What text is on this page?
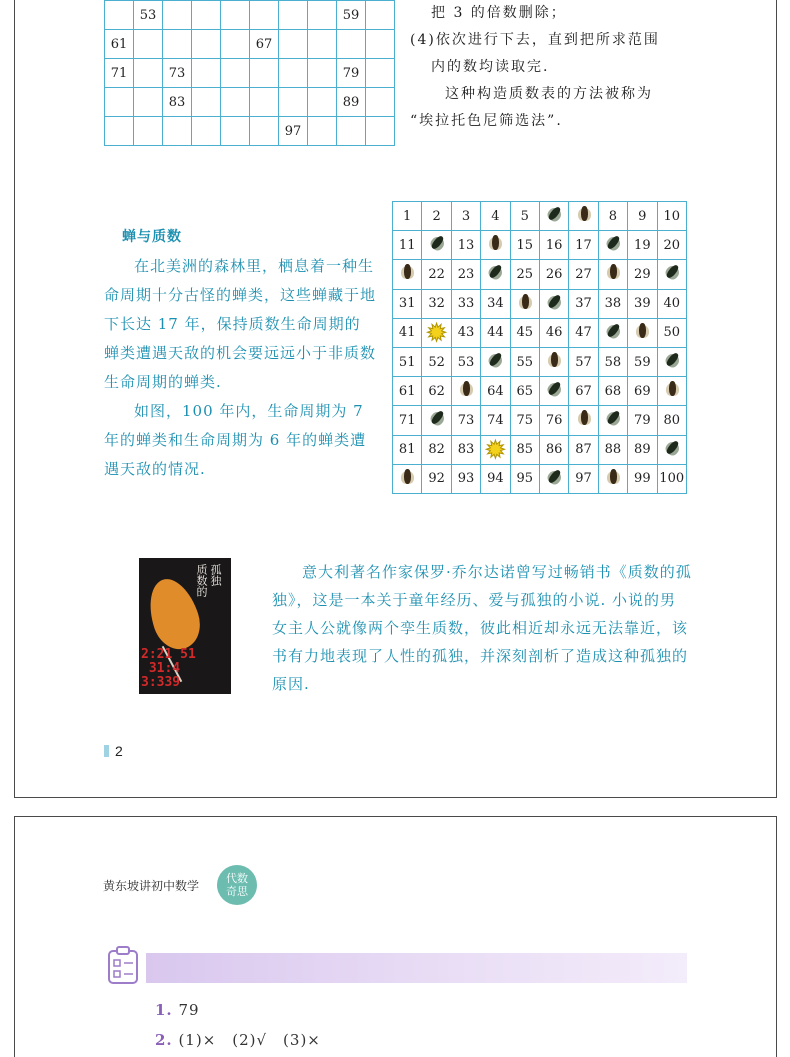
	53							59	
61					67				
71		73						79	
		83						89	
						97			

把 3 的倍数删除；

(4)依次进行下去，直到把所求范围

内的数均读取完.

这种构造质数表的方法被称为

“埃拉托色尼筛选法”.

蝉与质数

在北美洲的森林里，栖息着一种生命周期十分古怪的蝉类，这些蝉藏于地下长达 17 年，保持质数生命周期的蝉类遭遇天敌的机会要远远小于非质数生命周期的蝉类.

如图，100 年内，生命周期为 7 年的蝉类和生命周期为 6 年的蝉类遭遇天敌的情况.

1	2	3	4	5			8	9	10
11		13		15	16	17		19	20

	22	23		25	26	27		29	

31	32	33	34			37	38	39	40
41	✹	43	44	45	46	47			50
51	52	53		55		57	58	59	

61	62		64	65		67	68	69	

71		73	74	75	76			79	80
81	82	83	✹	85	86	87	88	89	

	92	93	94	95		97		99	100
质数的 孤独
2:21 51
31:4
3:339

意大利著名作家保罗·乔尔达诺曾写过畅销书《质数的孤独》，这是一本关于童年经历、爱与孤独的小说. 小说的男女主人公就像两个孪生质数，彼此相近却永远无法靠近，该书有力地表现了人性的孤独，并深刻剖析了造成这种孤独的原因.

2
黄东坡讲初中数学
代数奇思
1. 79
2. (1)×　(2)√　(3)×
